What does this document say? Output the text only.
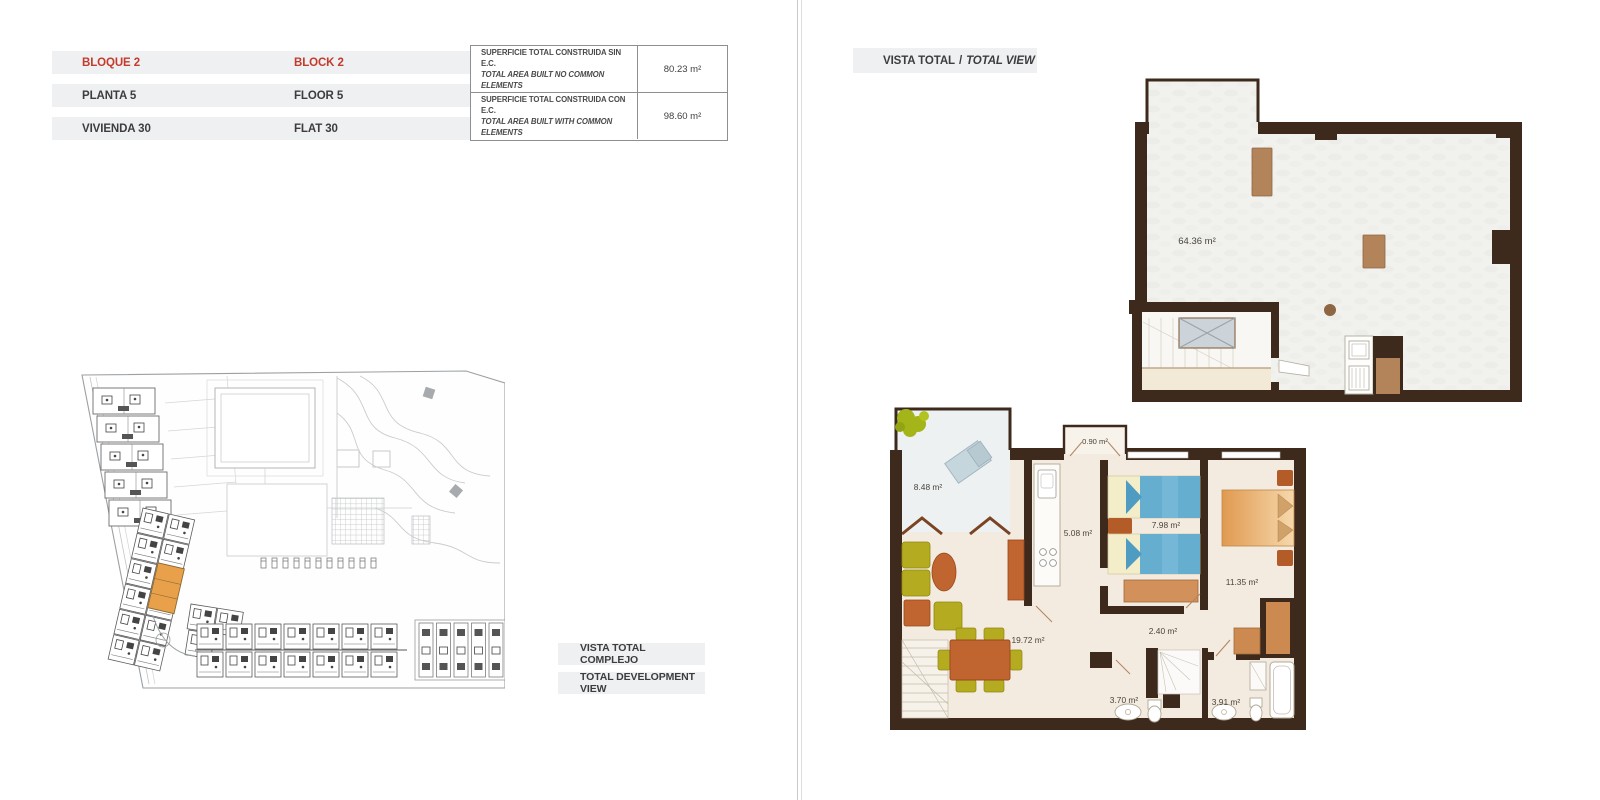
BLOQUE 2
PLANTA 5
VIVIENDA 30
BLOCK 2
FLOOR 5
FLAT 30
SUPERFICIE TOTAL CONSTRUIDA SIN E.C.
TOTAL AREA BUILT NO COMMON ELEMENTS
80.23 m²
SUPERFICIE TOTAL CONSTRUIDA CON E.C.
TOTAL AREA BUILT WITH COMMON ELEMENTS
98.60 m²
VISTA TOTAL COMPLEJO
TOTAL DEVELOPMENT VIEW
VISTA TOTAL / TOTAL VIEW
64.36 m²
8.48 m²
5.08 m²
0.90 m²
7.98 m²
11.35 m²
19.72 m²
2.40 m²
3.70 m²	3.91 m²
